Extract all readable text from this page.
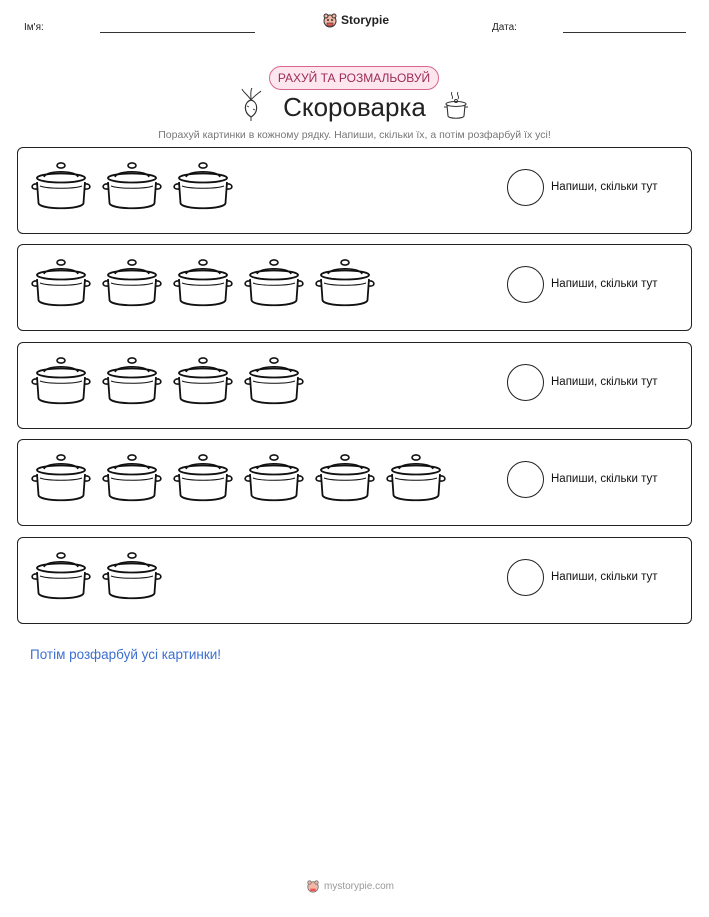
Ім'я:
Storypie
Дата:
РАХУЙ ТА РОЗМАЛЬОВУЙ
Скороварка
Порахуй картинки в кожному рядку. Напиши, скільки їх, а потім розфарбуй їх усі!
Напиши, скільки тут
Напиши, скільки тут
Напиши, скільки тут
Напиши, скільки тут
Напиши, скільки тут
Потім розфарбуй усі картинки!
mystorypie.com
